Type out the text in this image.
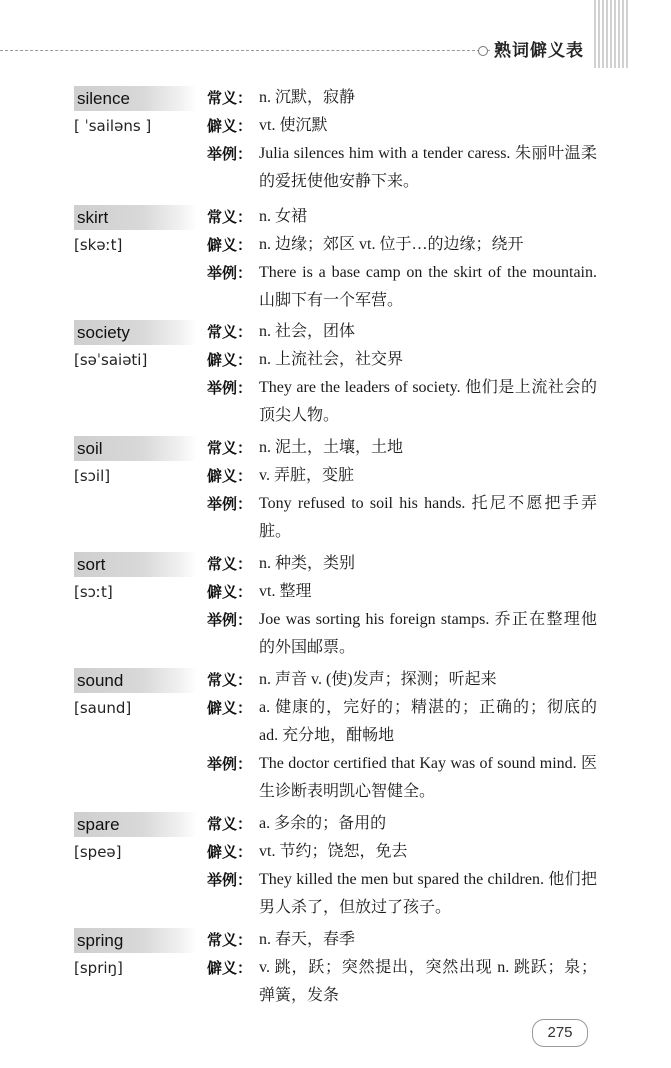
熟词僻义表
silence
[ ˈsailəns ]
常义： n. 沉默，寂静
僻义： vt. 使沉默
举例： Julia silences him with a tender caress. 朱丽叶温柔的爱抚使他安静下来。
skirt
[skəːt]
常义： n. 女裙
僻义： n. 边缘；郊区 vt. 位于…的边缘；绕开
举例： There is a base camp on the skirt of the mountain. 山脚下有一个军营。
society
[səˈsaiəti]
常义： n. 社会，团体
僻义： n. 上流社会，社交界
举例： They are the leaders of society. 他们是上流社会的顶尖人物。
soil
[sɔil]
常义： n. 泥土，土壤，土地
僻义： v. 弄脏，变脏
举例： Tony refused to soil his hands. 托尼不愿把手弄脏。
sort
[sɔːt]
常义： n. 种类，类别
僻义： vt. 整理
举例： Joe was sorting his foreign stamps. 乔正在整理他的外国邮票。
sound
[saund]
常义： n. 声音 v. (使)发声；探测；听起来
僻义： a. 健康的，完好的；精湛的；正确的；彻底的 ad. 充分地，酣畅地
举例： The doctor certified that Kay was of sound mind. 医生诊断表明凯心智健全。
spare
[speə]
常义： a. 多余的；备用的
僻义： vt. 节约；饶恕，免去
举例： They killed the men but spared the children. 他们把男人杀了，但放过了孩子。
spring
[spriŋ]
常义： n. 春天，春季
僻义： v. 跳，跃；突然提出，突然出现 n. 跳跃；泉；弹簧，发条
275
